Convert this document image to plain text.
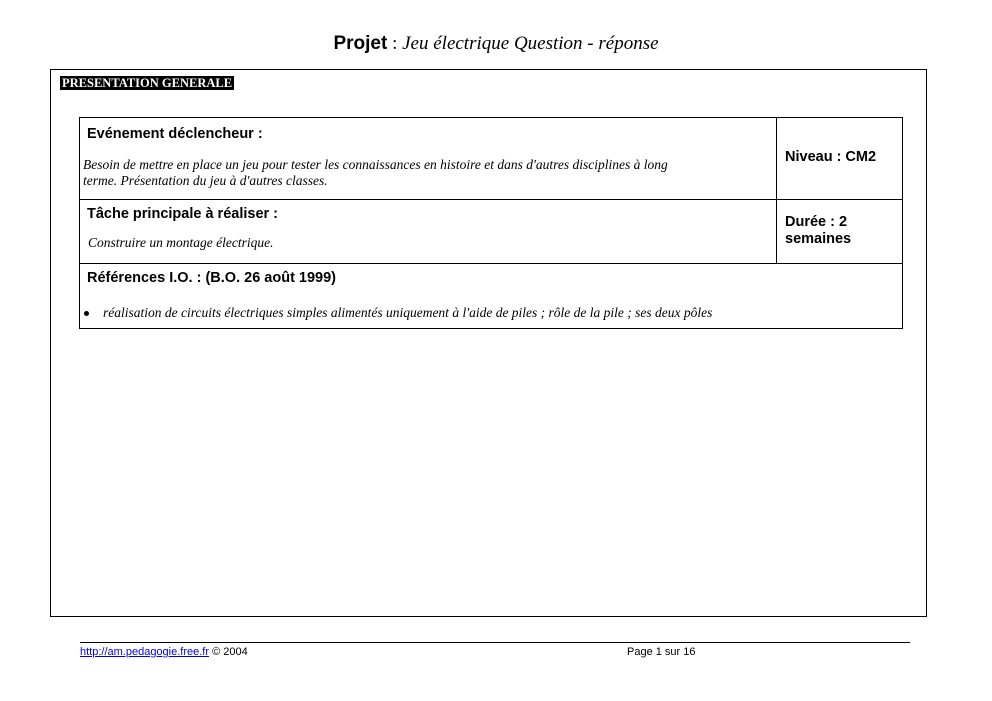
Projet : Jeu électrique Question - réponse
PRESENTATION GENERALE

Evénement déclencheur :

Besoin de mettre en place un jeu pour tester les connaissances en histoire et dans d'autres disciplines à long

terme. Présentation du jeu à d'autres classes.

Niveau : CM2

Tâche principale à réaliser :

Construire un montage électrique.

Durée : 2

semaines

Références I.O. : (B.O. 26 août 1999)

réalisation de circuits électriques simples alimentés uniquement à l'aide de piles ; rôle de la pile ; ses deux pôles
http://am.pedagogie.free.fr © 2004	Page 1 sur 16
